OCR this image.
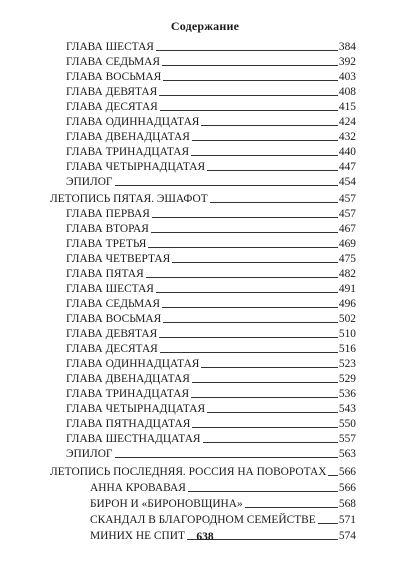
Содержание
ГЛАВА ШЕСТАЯ	384
ГЛАВА СЕДЬМАЯ	392
ГЛАВА ВОСЬМАЯ	403
ГЛАВА ДЕВЯТАЯ	408
ГЛАВА ДЕСЯТАЯ	415
ГЛАВА ОДИННАДЦАТАЯ	424
ГЛАВА ДВЕНАДЦАТАЯ	432
ГЛАВА ТРИНАДЦАТАЯ	440
ГЛАВА ЧЕТЫРНАДЦАТАЯ	447
ЭПИЛОГ	454
ЛЕТОПИСЬ ПЯТАЯ. ЭШАФОТ	457
ГЛАВА ПЕРВАЯ	457
ГЛАВА ВТОРАЯ	467
ГЛАВА ТРЕТЬЯ	469
ГЛАВА ЧЕТВЕРТАЯ	475
ГЛАВА ПЯТАЯ	482
ГЛАВА ШЕСТАЯ	491
ГЛАВА СЕДЬМАЯ	496
ГЛАВА ВОСЬМАЯ	502
ГЛАВА ДЕВЯТАЯ	510
ГЛАВА ДЕСЯТАЯ	516
ГЛАВА ОДИННАДЦАТАЯ	523
ГЛАВА ДВЕНАДЦАТАЯ	529
ГЛАВА ТРИНАДЦАТАЯ	536
ГЛАВА ЧЕТЫРНАДЦАТАЯ	543
ГЛАВА ПЯТНАДЦАТАЯ	550
ГЛАВА ШЕСТНАДЦАТАЯ	557
ЭПИЛОГ	563
ЛЕТОПИСЬ ПОСЛЕДНЯЯ. РОССИЯ НА ПОВОРОТАХ 566
АННА КРОВАВАЯ	566
БИРОН И «БИРОНОВЩИНА»	568
СКАНДАЛ В БЛАГОРОДНОМ СЕМЕЙСТВЕ 571
МИНИХ НЕ СПИТ	574
638
